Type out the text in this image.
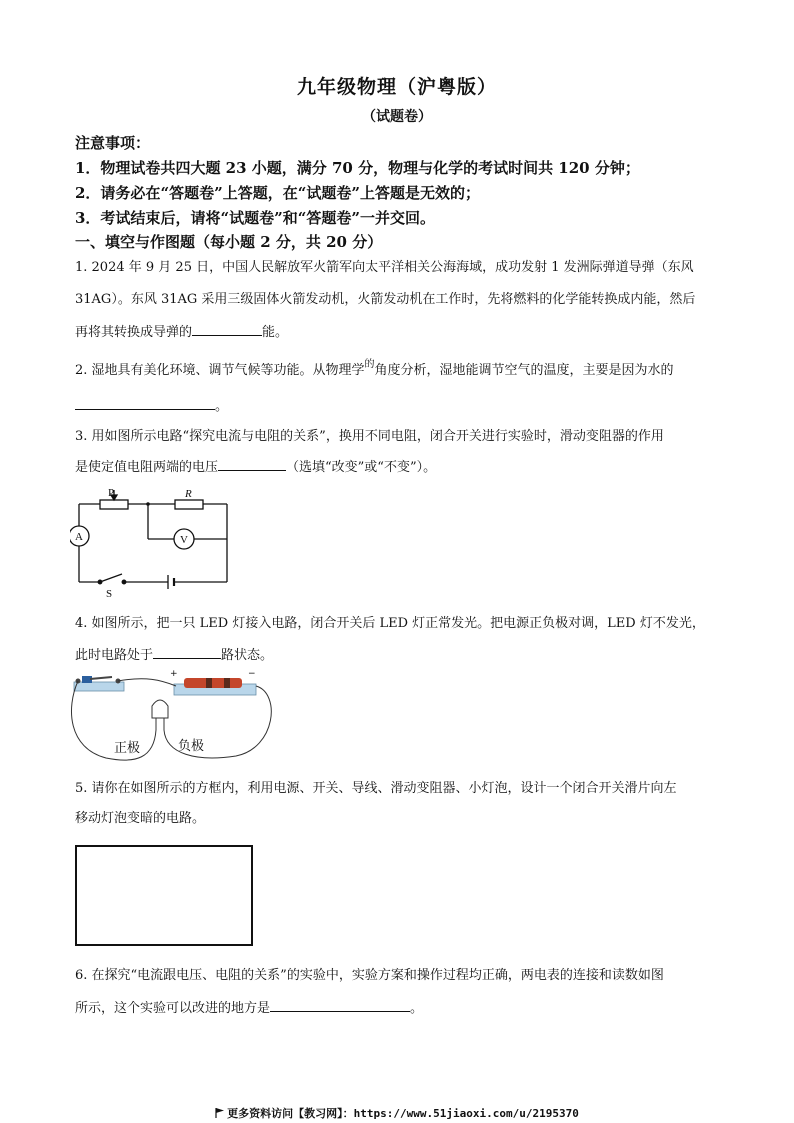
九年级物理（沪粤版）
（试题卷）
注意事项：
1．物理试卷共四大题 23 小题，满分 70 分，物理与化学的考试时间共 120 分钟；
2．请务必在“答题卷”上答题，在“试题卷”上答题是无效的；
3．考试结束后，请将“试题卷”和“答题卷”一并交回。
一、填空与作图题（每小题 2 分，共 20 分）
1. 2024 年 9 月 25 日，中国人民解放军火箭军向太平洋相关公海海域，成功发射 1 发洲际弹道导弹（东风
31AG）。东风 31AG 采用三级固体火箭发动机，火箭发动机在工作时，先将燃料的化学能转换成内能，然后
再将其转换成导弹的	能。
2. 湿地具有美化环境、调节气候等功能。从物理学$^的$角度分析，湿地能调节空气的温度，主要是因为水的
。
3. 用如图所示电路“探究电流与电阻的关系”，换用不同电阻，闭合开关进行实验时，滑动变阻器的作用
是使定值电阻两端的电压	（选填“改变”或“不变”）。
P	R
A	V
S
4. 如图所示，把一只 LED 灯接入电路，闭合开关后 LED 灯正常发光。把电源正负极对调，LED 灯不发光，
此时电路处于	路状态。
+	−
正极	负极
5. 请你在如图所示的方框内，利用电源、开关、导线、滑动变阻器、小灯泡，设计一个闭合开关滑片向左
移动灯泡变暗的电路。
6. 在探究“电流跟电压、电阻的关系”的实验中，实验方案和操作过程均正确，两电表的连接和读数如图
所示，这个实验可以改进的地方是	。
更多资料访问【教习网】：https://www.51jiaoxi.com/u/2195370
